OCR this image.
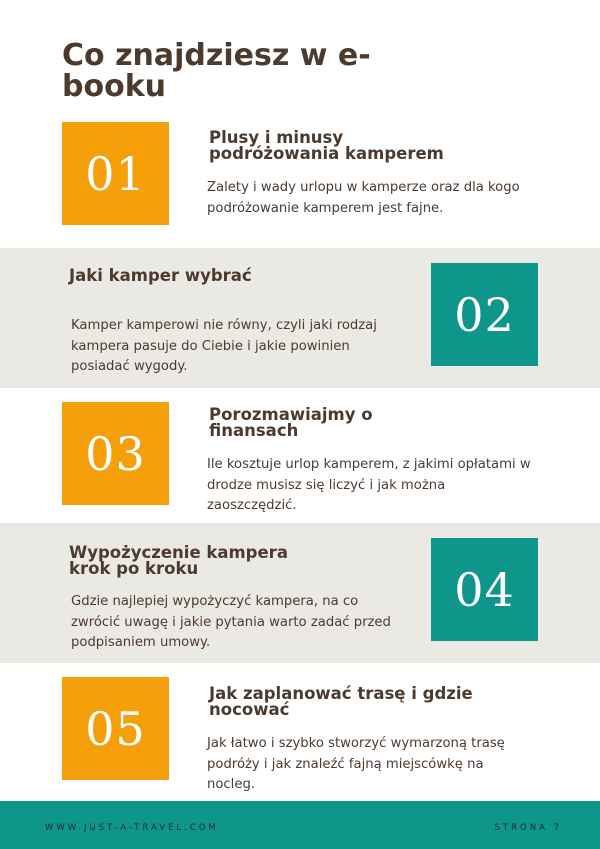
Co znajdziesz w e-booku
01
Plusy i minusy podróżowania kamperem

Zalety i wady urlopu w kamperze oraz dla kogo podróżowanie kamperem jest fajne.

Jaki kamper wybrać

Kamper kamperowi nie równy, czyli jaki rodzaj kampera pasuje do Ciebie i jakie powinien posiadać wygody.

02
03
Porozmawiajmy o finansach

Ile kosztuje urlop kamperem, z jakimi opłatami w drodze musisz się liczyć i jak można zaoszczędzić.

Wypożyczenie kampera krok po kroku

Gdzie najlepiej wypożyczyć kampera, na co zwrócić uwagę i jakie pytania warto zadać przed podpisaniem umowy.

04
05
Jak zaplanować trasę i gdzie nocować

Jak łatwo i szybko stworzyć wymarzoną trasę podróży i jak znaleźć fajną miejscówkę na nocleg.

WWW.JUST-A-TRAVEL.COM	STRONA 7
